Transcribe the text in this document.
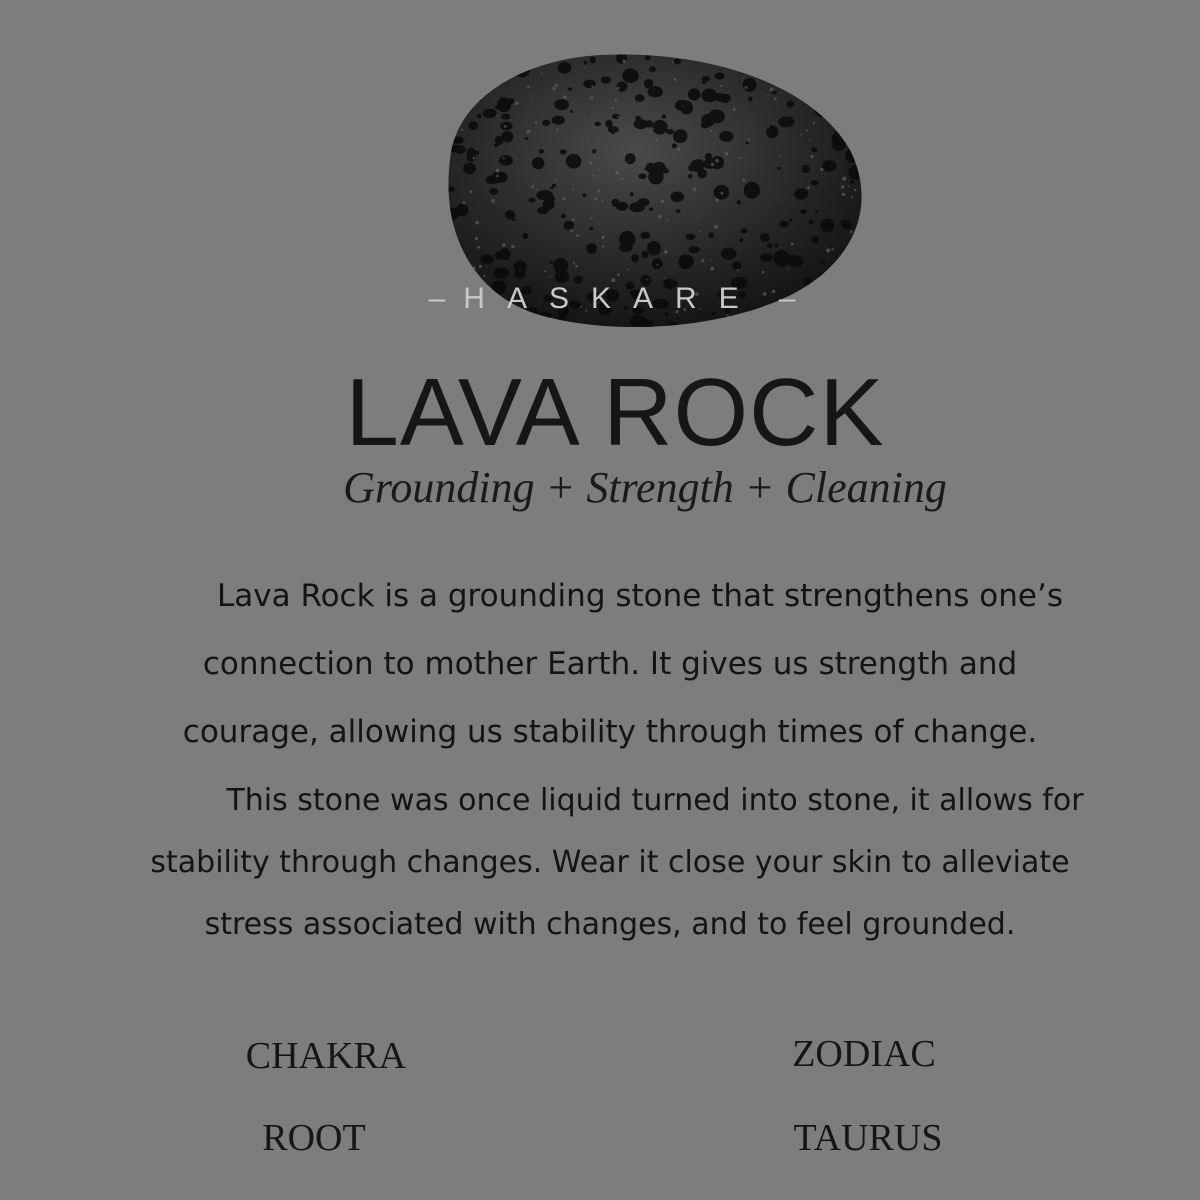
– HASKARE –
LAVA ROCK
Grounding + Strength + Cleaning

Lava Rock is a grounding stone that strengthens one’s
connection to mother Earth. It gives us strength and
courage, allowing us stability through times of change.

This stone was once liquid turned into stone, it allows for
stability through changes. Wear it close your skin to alleviate
stress associated with changes, and to feel grounded.

CHAKRA
ROOT
ZODIAC
TAURUS
